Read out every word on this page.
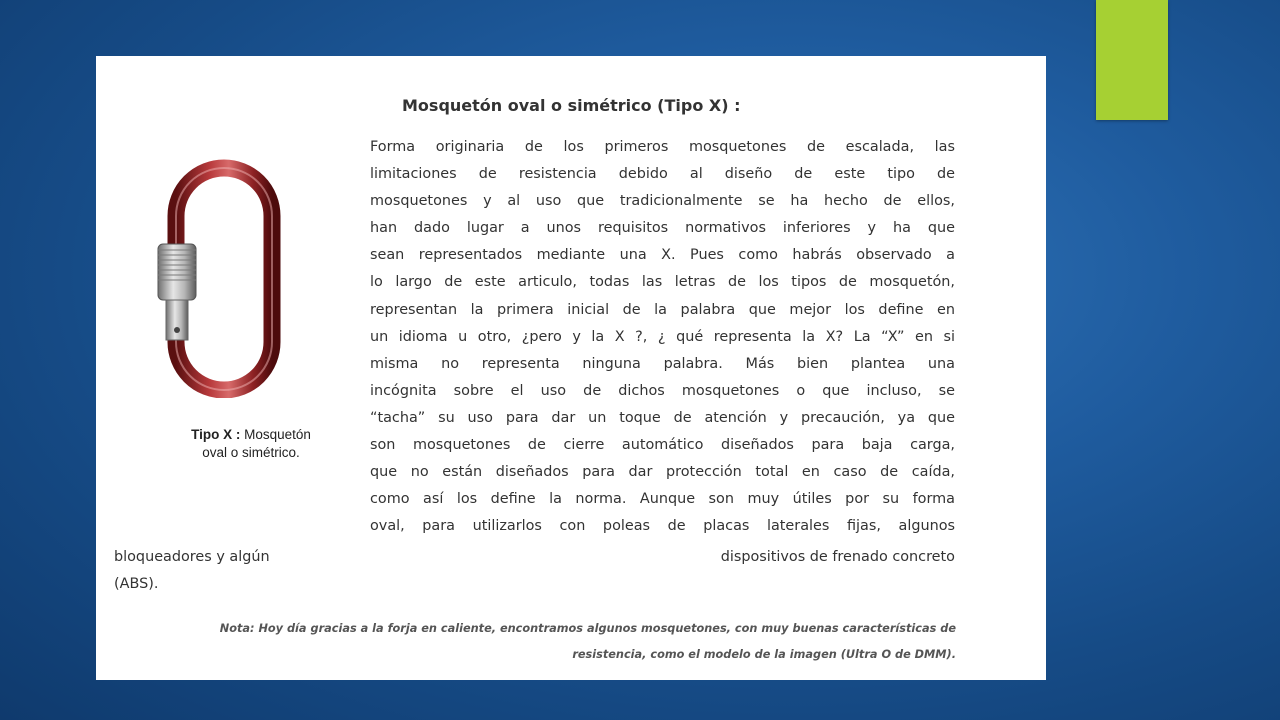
Mosquetón oval o simétrico (Tipo X) :
Tipo X : Mosquetón
oval o simétrico.
Forma originaria de los primeros mosquetones de escalada, las
limitaciones de resistencia debido al diseño de este tipo de
mosquetones y al uso que tradicionalmente se ha hecho de ellos,
han dado lugar a unos requisitos normativos inferiores y ha que
sean representados mediante una X. Pues como habrás observado a
lo largo de este articulo, todas las letras de los tipos de mosquetón,
representan la primera inicial de la palabra que mejor los define en
un idioma u otro, ¿pero y la X ?, ¿ qué representa la X? La “X” en si
misma no representa ninguna palabra. Más bien plantea una
incógnita sobre el uso de dichos mosquetones o que incluso, se
“tacha” su uso para dar un toque de atención y precaución, ya que
son mosquetones de cierre automático diseñados para baja carga,
que no están diseñados para dar protección total en caso de caída,
como así los define la norma. Aunque son muy útiles por su forma
oval, para utilizarlos con poleas de placas laterales fijas, algunos
bloqueadores y algún
(ABS).
dispositivos de frenado concreto
Nota: Hoy día gracias a la forja en caliente, encontramos algunos mosquetones, con muy buenas características de
resistencia, como el modelo de la imagen (Ultra O de DMM).
